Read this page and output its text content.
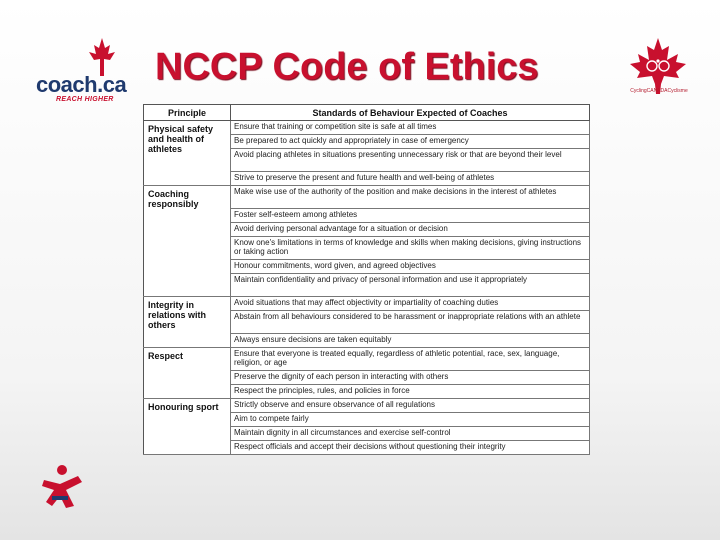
coach.ca
REACH HIGHER
NCCP Code of Ethics
CyclingCANADACyclisme
Principle	Standards of Behaviour Expected of Coaches
Physical safety and health of athletes	Ensure that training or competition site is safe at all times
	Be prepared to act quickly and appropriately in case of emergency
	Avoid placing athletes in situations presenting unnecessary risk or that are beyond their level
	Strive to preserve the present and future health and well-being of athletes
Coaching responsibly	Make wise use of the authority of the position and make decisions in the interest of athletes
	Foster self-esteem among athletes
	Avoid deriving personal advantage for a situation or decision
	Know one's limitations in terms of knowledge and skills when making decisions, giving instructions or taking action
	Honour commitments, word given, and agreed objectives
	Maintain confidentiality and privacy of personal information and use it appropriately
Integrity in relations with others	Avoid situations that may affect objectivity or impartiality of coaching duties
	Abstain from all behaviours considered to be harassment or inappropriate relations with an athlete
	Always ensure decisions are taken equitably
Respect	Ensure that everyone is treated equally, regardless of athletic potential, race, sex, language, religion, or age
	Preserve the dignity of each person in interacting with others
	Respect the principles, rules, and policies in force
Honouring sport	Strictly observe and ensure observance of all regulations
	Aim to compete fairly
	Maintain dignity in all circumstances and exercise self-control
	Respect officials and accept their decisions without questioning their integrity
